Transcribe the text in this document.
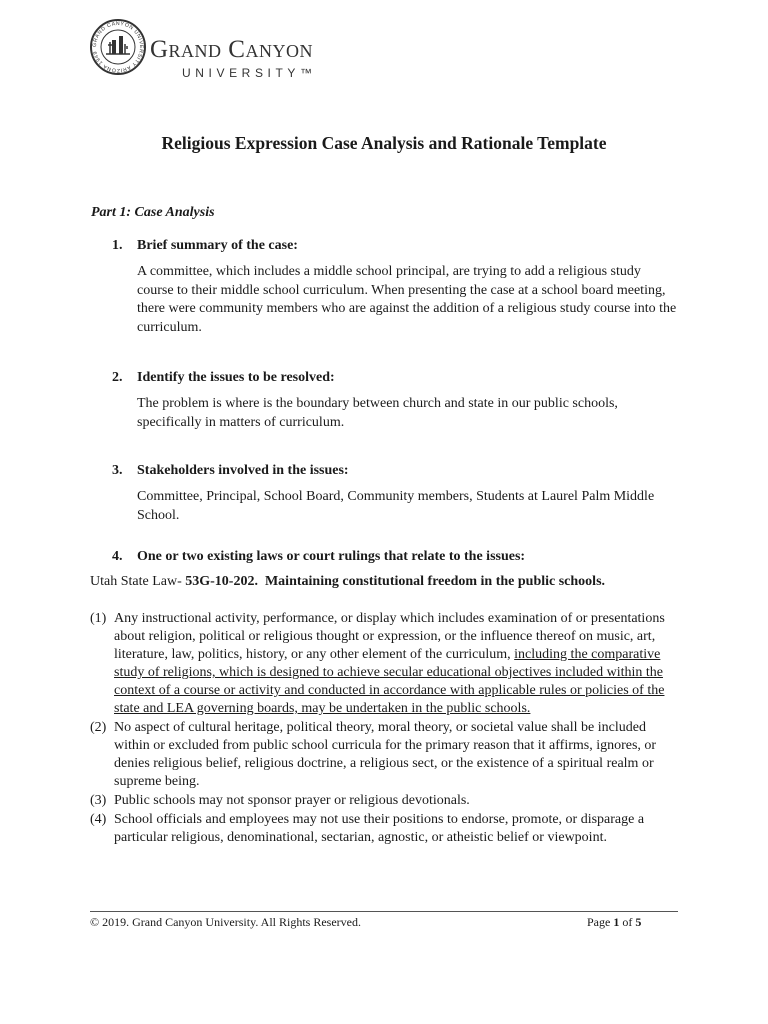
GRAND CANYON UNIVERSITY ARIZONA 1949	Grand Canyon
UNIVERSITY™
Religious Expression Case Analysis and Rationale Template
Part 1: Case Analysis
1. Brief summary of the case:

A committee, which includes a middle school principal, are trying to add a religious study course to their middle school curriculum. When presenting the case at a school board meeting, there were community members who are against the addition of a religious study course into the curriculum.

2. Identify the issues to be resolved:

The problem is where is the boundary between church and state in our public schools, specifically in matters of curriculum.

3. Stakeholders involved in the issues:

Committee, Principal, School Board, Community members, Students at Laurel Palm Middle School.

4. One or two existing laws or court rulings that relate to the issues:
Utah State Law- 53G-10-202. Maintaining constitutional freedom in the public schools.
(1) Any instructional activity, performance, or display which includes examination of or presentations about religion, political or religious thought or expression, or the influence thereof on music, art, literature, law, politics, history, or any other element of the curriculum, including the comparative study of religions, which is designed to achieve secular educational objectives included within the context of a course or activity and conducted in accordance with applicable rules or policies of the state and LEA governing boards, may be undertaken in the public schools.
(2) No aspect of cultural heritage, political theory, moral theory, or societal value shall be included within or excluded from public school curricula for the primary reason that it affirms, ignores, or denies religious belief, religious doctrine, a religious sect, or the existence of a spiritual realm or supreme being.
(3) Public schools may not sponsor prayer or religious devotionals.
(4) School officials and employees may not use their positions to endorse, promote, or disparage a particular religious, denominational, sectarian, agnostic, or atheistic belief or viewpoint.
© 2019. Grand Canyon University. All Rights Reserved.	Page 1 of 5
